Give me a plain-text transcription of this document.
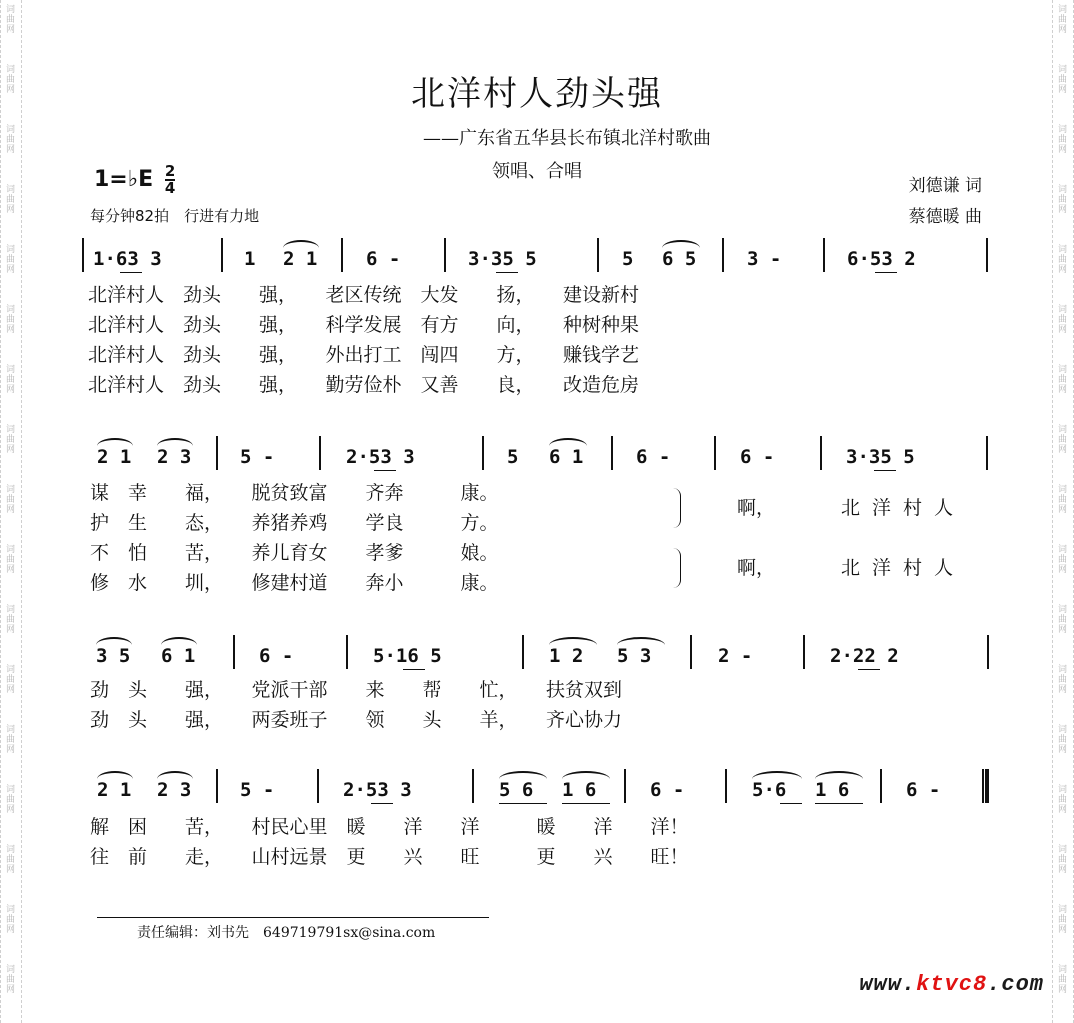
词曲网
词曲网
词曲网
词曲网
词曲网
词曲网
词曲网
词曲网
词曲网
词曲网
词曲网
词曲网
词曲网
词曲网
词曲网
词曲网
词曲网
词曲网
词曲网
词曲网
词曲网
词曲网
词曲网
词曲网
词曲网
词曲网
词曲网
词曲网
词曲网
词曲网
词曲网
词曲网
词曲网
词曲网
北洋村人劲头强
——广东省五华县长布镇北洋村歌曲
领唱、合唱
1=♭E $\frac{2}{4}$
每分钟82拍　行进有力地
刘德谦 词
蔡德暖 曲
1·63 3	1 2 1	6 -	3·35 5	5 6 5	3 -	6·53 2
北洋村人　劲头　　强，　　老区传统　大发　　扬，　　建设新村
北洋村人　劲头　　强，　　科学发展　有方　　向，　　种树种果
北洋村人　劲头　　强，　　外出打工　闯四　　方，　　赚钱学艺
北洋村人　劲头　　强，　　勤劳俭朴　又善　　良，　　改造危房
2 1 2 3	5 -	2·53 3	5 6 1	6 -	6 -	3·35 5
谋　幸　　福，　　脱贫致富　　齐奔　　　康。
护　生　　态，　　养猪养鸡　　学良　　　方。
不　怕　　苦，　　养儿育女　　孝爹　　　娘。
修　水　　圳，　　修建村道　　奔小　　　康。
啊，	北洋村人
啊，	北洋村人
3 5 6 1	6 -	5·16 5	1 2 5 3	2 -	2·22 2
劲　头　　强，　　党派干部　　来　　帮　　忙，　　扶贫双到
劲　头　　强，　　两委班子　　领　　头　　羊，　　齐心协力
2 1 2 3	5 -	2·53 3	5 6 1 6	6 -	5·6 1 6	6 -
解　困　　苦，　　村民心里　暖　　洋　　洋　　　暖　　洋　　洋！
往　前　　走，　　山村远景　更　　兴　　旺　　　更　　兴　　旺！
责任编辑：刘书先　649719791sx@sina.com
www.ktvc8.com
